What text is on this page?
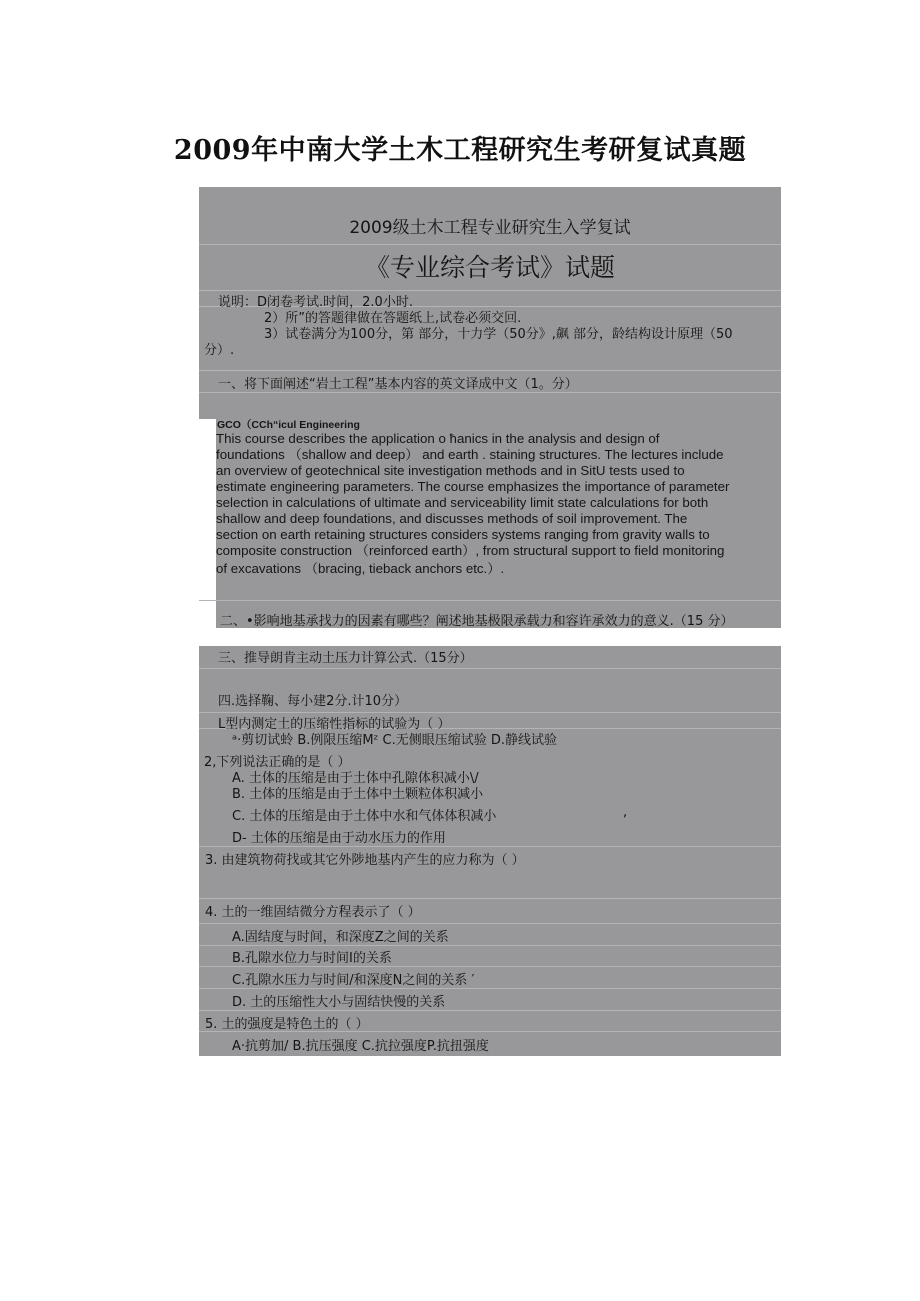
2009年中南大学土木工程研究生考研复试真题
2009级土木工程专业研究生入学复试
《专业综合考试》试题
说明：D闭卷考试.时间，2.0小时.
2）所”的答题律做在答题纸上,试卷必须交回.
3）试卷满分为100分，第 部分，十力学（50分》,飙 部分，龄结构设计原理（50
分）.
一、将下面阐述“岩土工程”基本内容的英文译成中文（1。分）
GCO（CCh“icul Engineering

This course describes the application o ħanics in the analysis and design of

foundations （shallow and deep） and earth . staining structures. The lectures include

an overview of geotechnical site investigation methods and in SitU tests used to

estimate engineering parameters. The course emphasizes the importance of parameter

selection in calculations of ultimate and serviceability limit state calculations for both

shallow and deep foundations, and discusses methods of soil improvement. The

section on earth retaining structures considers systems ranging from gravity walls to

composite construction （reinforced earth）, from structural support to field monitoring

of excavations （bracing, tieback anchors etc.）.

二、•影响地基承找力的因素有哪些？阐述地基极限承载力和容许承效力的意义.（15 分）
三、推导朗肯主动土压力计算公式.（15分）
四.选择鞠、每小建2分.计10分）
L型内测定土的压缩性指标的试验为（ ）
ᵃ·剪切试蛉 B.例限压缩Mᶻ C.无侧眼压缩试验 D.静线试验
2,下列说法正确的是（ ）
A. 土体的压缩是由于土体中孔隙体积减小\/
B. 土体的压缩是由于土体中土颗粒体积减小
C. 土体的压缩是由于土体中水和气体体积减小	,
D- 土体的压缩是由于动水压力的作用
3. 由建筑物荷找或其它外陟地基内产生的应力称为（ ）
4. 土的一维固结微分方程表示了（ ）
A.固结度与时间，和深度Z之间的关系
B.孔隙水位力与时间I的关系
C.孔隙水压力与时间/和深度N之间的关系 ′
D. 土的压缩性大小与固结快慢的关系
5. 土的强度是特色土的（ ）
A·抗剪加/ B.抗压强度 C.抗拉强度P.抗扭强度
